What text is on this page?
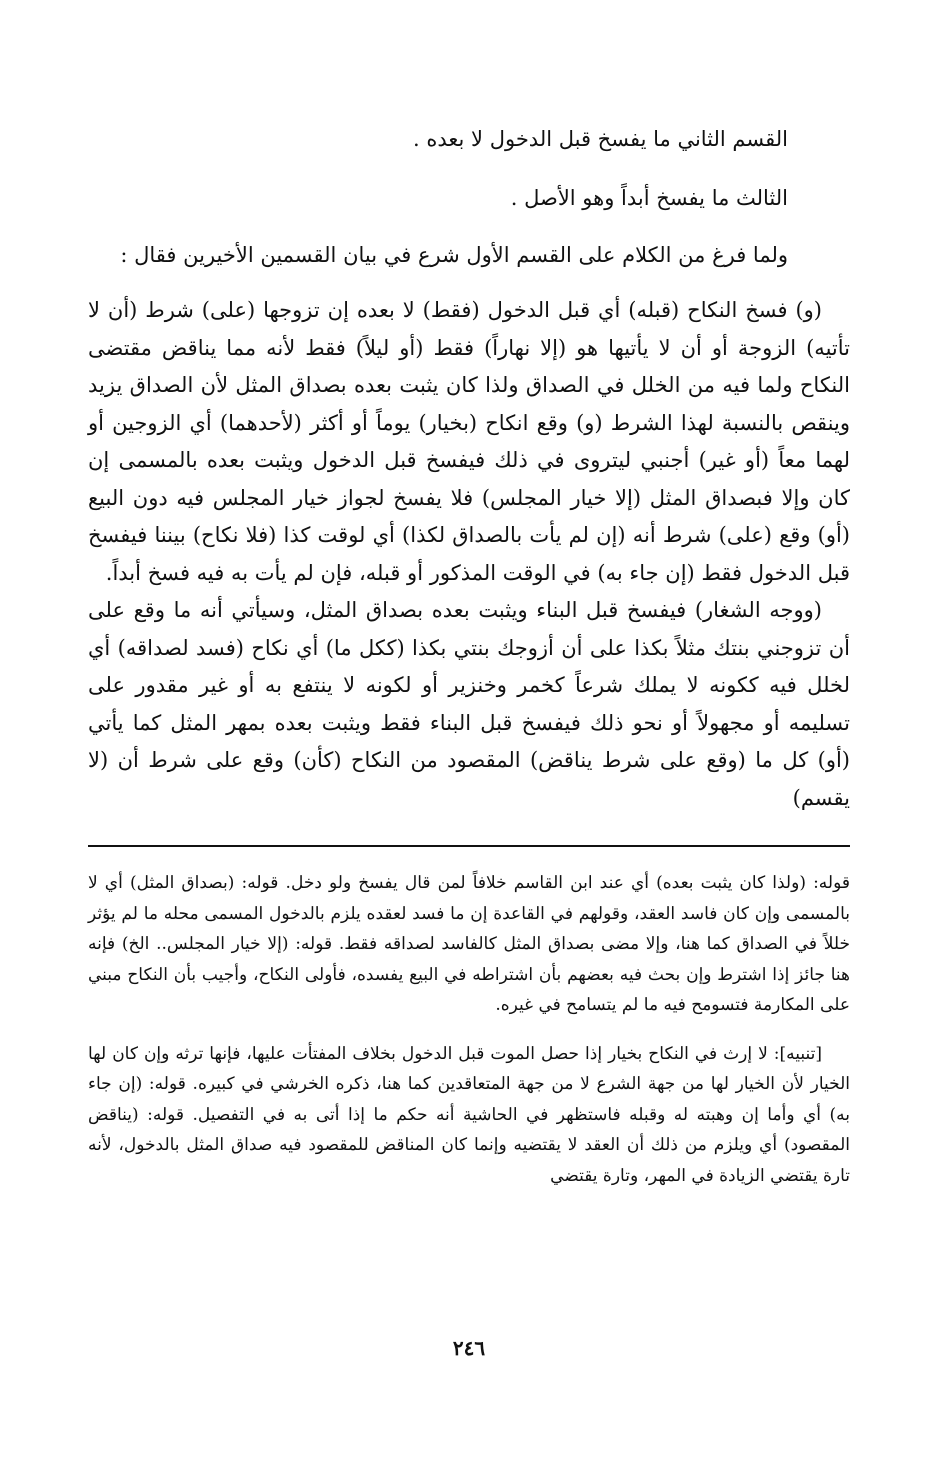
القسم الثاني ما يفسخ قبل الدخول لا بعده .
الثالث ما يفسخ أبداً وهو الأصل .
ولما فرغ من الكلام على القسم الأول شرع في بيان القسمين الأخيرين فقال :

(و) فسخ النكاح (قبله) أي قبل الدخول (فقط) لا بعده إن تزوجها (على) شرط (أن لا تأتيه) الزوجة أو أن لا يأتيها هو (إلا نهاراً) فقط (أو ليلاً) فقط لأنه مما يناقض مقتضى النكاح ولما فيه من الخلل في الصداق ولذا كان يثبت بعده بصداق المثل لأن الصداق يزيد وينقص بالنسبة لهذا الشرط (و) وقع انكاح (بخيار) يوماً أو أكثر (لأحدهما) أي الزوجين أو لهما معاً (أو غير) أجنبي ليتروى في ذلك فيفسخ قبل الدخول ويثبت بعده بالمسمى إن كان وإلا فبصداق المثل (إلا خيار المجلس) فلا يفسخ لجواز خيار المجلس فيه دون البيع (أو) وقع (على) شرط أنه (إن لم يأت بالصداق لكذا) أي لوقت كذا (فلا نكاح) بيننا فيفسخ قبل الدخول فقط (إن جاء به) في الوقت المذكور أو قبله، فإن لم يأت به فيه فسخ أبداً.

(ووجه الشغار) فيفسخ قبل البناء ويثبت بعده بصداق المثل، وسيأتي أنه ما وقع على أن تزوجني بنتك مثلاً بكذا على أن أزوجك بنتي بكذا (ككل ما) أي نكاح (فسد لصداقه) أي لخلل فيه ككونه لا يملك شرعاً كخمر وخنزير أو لكونه لا ينتفع به أو غير مقدور على تسليمه أو مجهولاً أو نحو ذلك فيفسخ قبل البناء فقط ويثبت بعده بمهر المثل كما يأتي (أو) كل ما (وقع على شرط يناقض) المقصود من النكاح (كأن) وقع على شرط أن (لا يقسم)

قوله: (ولذا كان يثبت بعده) أي عند ابن القاسم خلافاً لمن قال يفسخ ولو دخل. قوله: (بصداق المثل) أي لا بالمسمى وإن كان فاسد العقد، وقولهم في القاعدة إن ما فسد لعقده يلزم بالدخول المسمى محله ما لم يؤثر خللاً في الصداق كما هنا، وإلا مضى بصداق المثل كالفاسد لصداقه فقط. قوله: (إلا خيار المجلس.. الخ) فإنه هنا جائز إذا اشترط وإن بحث فيه بعضهم بأن اشتراطه في البيع يفسده، فأولى النكاح، وأجيب بأن النكاح مبني على المكارمة فتسومح فيه ما لم يتسامح في غيره.

[تنبيه]: لا إرث في النكاح بخيار إذا حصل الموت قبل الدخول بخلاف المفتأت عليها، فإنها ترثه وإن كان لها الخيار لأن الخيار لها من جهة الشرع لا من جهة المتعاقدين كما هنا، ذكره الخرشي في كبيره. قوله: (إن جاء به) أي وأما إن وهبته له وقبله فاستظهر في الحاشية أنه حكم ما إذا أتى به في التفصيل. قوله: (يناقض المقصود) أي ويلزم من ذلك أن العقد لا يقتضيه وإنما كان المناقض للمقصود فيه صداق المثل بالدخول، لأنه تارة يقتضي الزيادة في المهر، وتارة يقتضي

٢٤٦
